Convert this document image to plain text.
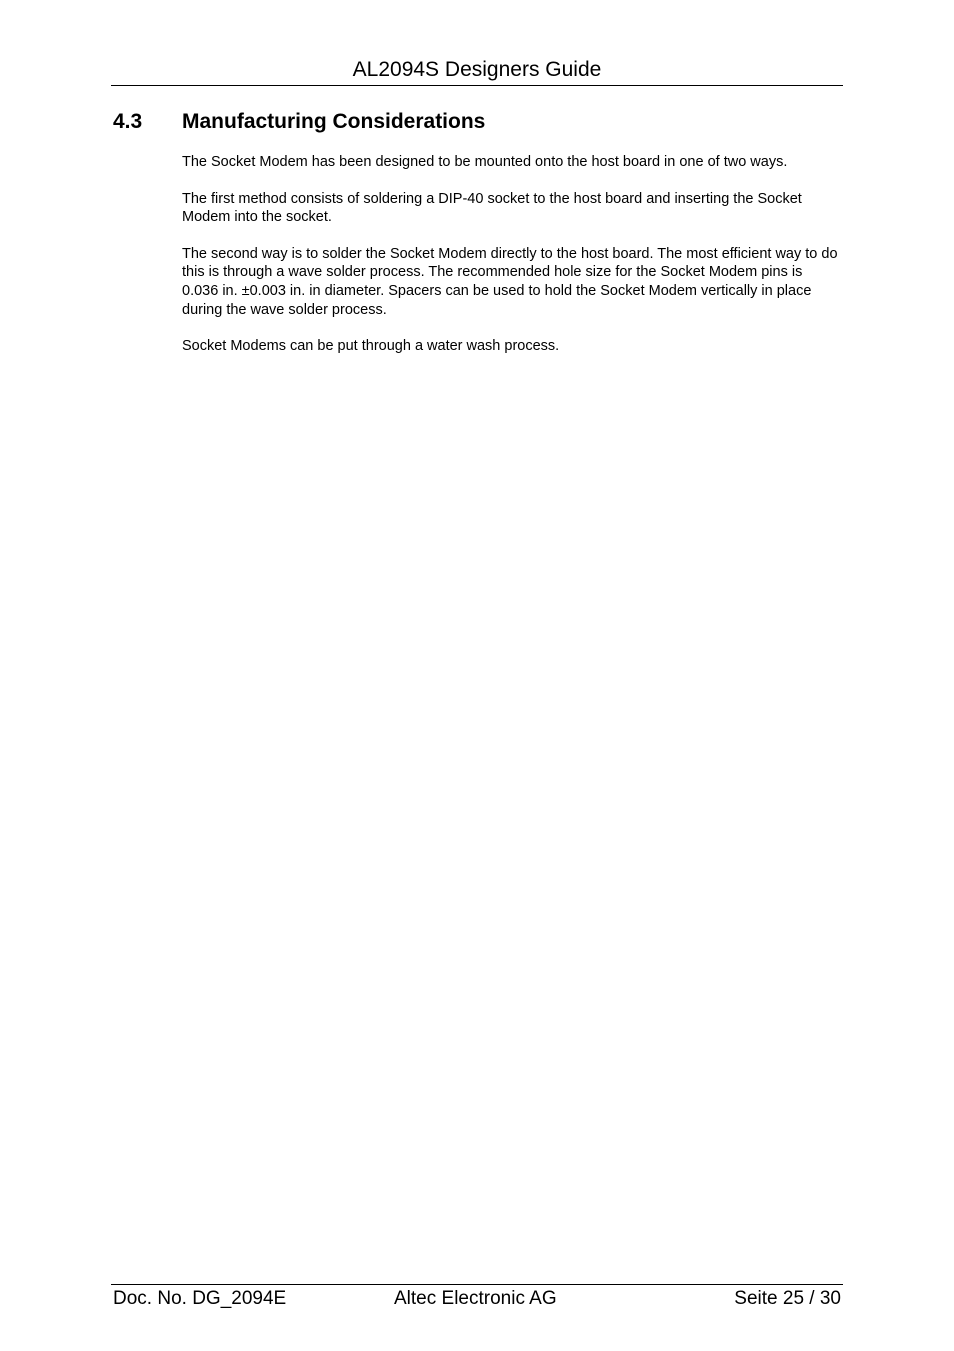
AL2094S Designers Guide
4.3 Manufacturing Considerations

The Socket Modem has been designed to be mounted onto the host board in one of two ways.

The first method consists of soldering a DIP-40 socket to the host board and inserting the Socket Modem into the socket.

The second way is to solder the Socket Modem directly to the host board. The most efficient way to do this is through a wave solder process. The recommended hole size for the Socket Modem pins is 0.036 in. ±0.003 in. in diameter. Spacers can be used to hold the Socket Modem vertically in place during the wave solder process.

Socket Modems can be put through a water wash process.

Doc. No. DG_2094E	Altec Electronic AG	Seite 25 / 30
